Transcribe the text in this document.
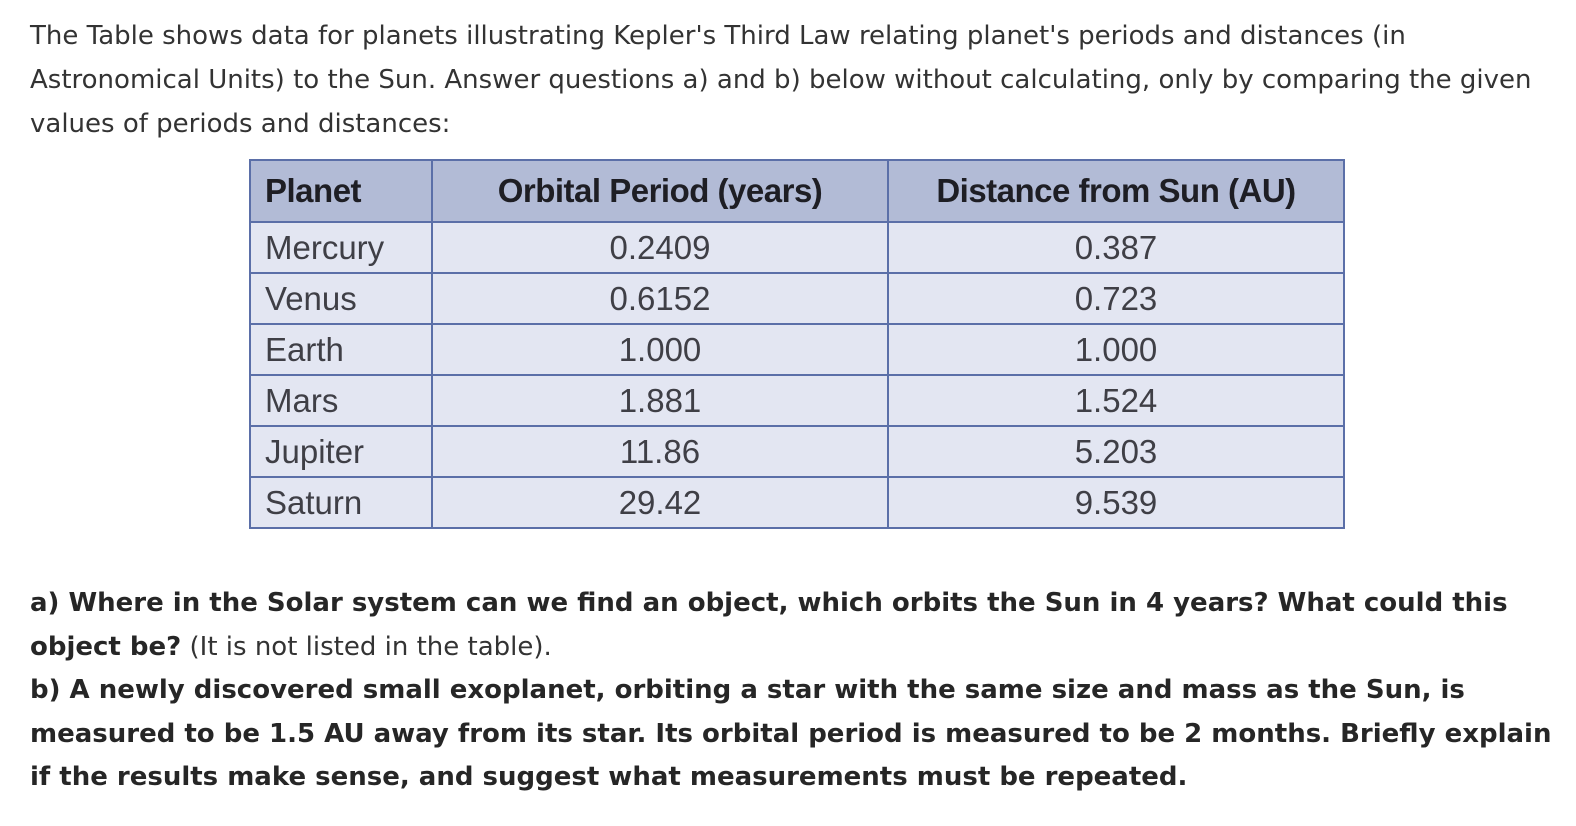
The Table shows data for planets illustrating Kepler's Third Law relating planet's periods and distances (in Astronomical Units) to the Sun. Answer questions a) and b) below without calculating, only by comparing the given values of periods and distances:

Planet	Orbital Period (years)	Distance from Sun (AU)
Mercury	0.2409	0.387
Venus	0.6152	0.723
Earth	1.000	1.000
Mars	1.881	1.524
Jupiter	11.86	5.203
Saturn	29.42	9.539

a) Where in the Solar system can we find an object, which orbits the Sun in 4 years? What could this object be? (It is not listed in the table).

b) A newly discovered small exoplanet, orbiting a star with the same size and mass as the Sun, is measured to be 1.5 AU away from its star. Its orbital period is measured to be 2 months. Briefly explain if the results make sense, and suggest what measurements must be repeated.
